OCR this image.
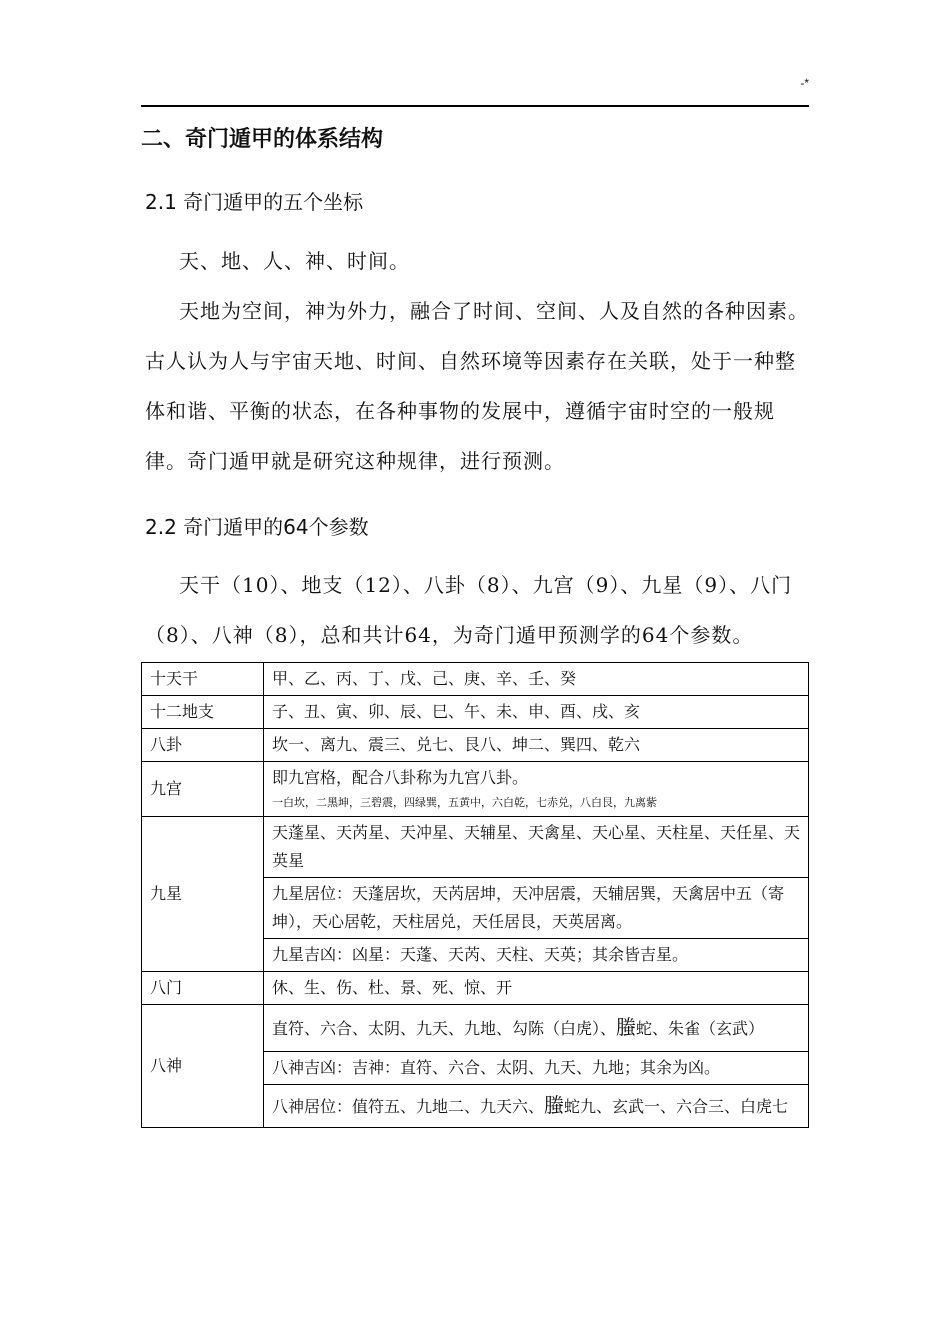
-*
二、奇门遁甲的体系结构
2.1 奇门遁甲的五个坐标
天、地、人、神、时间。
天地为空间，神为外力，融合了时间、空间、人及自然的各种因素。古人认为人与宇宙天地、时间、自然环境等因素存在关联，处于一种整体和谐、平衡的状态，在各种事物的发展中，遵循宇宙时空的一般规律。奇门遁甲就是研究这种规律，进行预测。
2.2 奇门遁甲的64个参数
天干（10）、地支（12）、八卦（8）、九宫（9）、九星（9）、八门（8）、八神（8），总和共计64，为奇门遁甲预测学的64个参数。
十天干	甲、乙、丙、丁、戊、己、庚、辛、壬、癸
十二地支	子、丑、寅、卯、辰、巳、午、未、申、酉、戌、亥
八卦	坎一、离九、震三、兑七、艮八、坤二、巽四、乾六
九宫	即九宫格，配合八卦称为九宫八卦。
一白坎，二黑坤，三碧震，四绿巽，五黄中，六白乾，七赤兑，八白艮，九离紫

九星	天蓬星、天芮星、天冲星、天辅星、天禽星、天心星、天柱星、天任星、天英星
	九星居位：天蓬居坎，天芮居坤，天冲居震，天辅居巽，天禽居中五（寄坤），天心居乾，天柱居兑，天任居艮，天英居离。
	九星吉凶：凶星：天蓬、天芮、天柱、天英；其余皆吉星。
八门	休、生、伤、杜、景、死、惊、开
八神	直符、六合、太阴、九天、九地、勾陈（白虎）、螣蛇、朱雀（玄武）
	八神吉凶：吉神：直符、六合、太阴、九天、九地；其余为凶。
	八神居位：值符五、九地二、九天六、螣蛇九、玄武一、六合三、白虎七
